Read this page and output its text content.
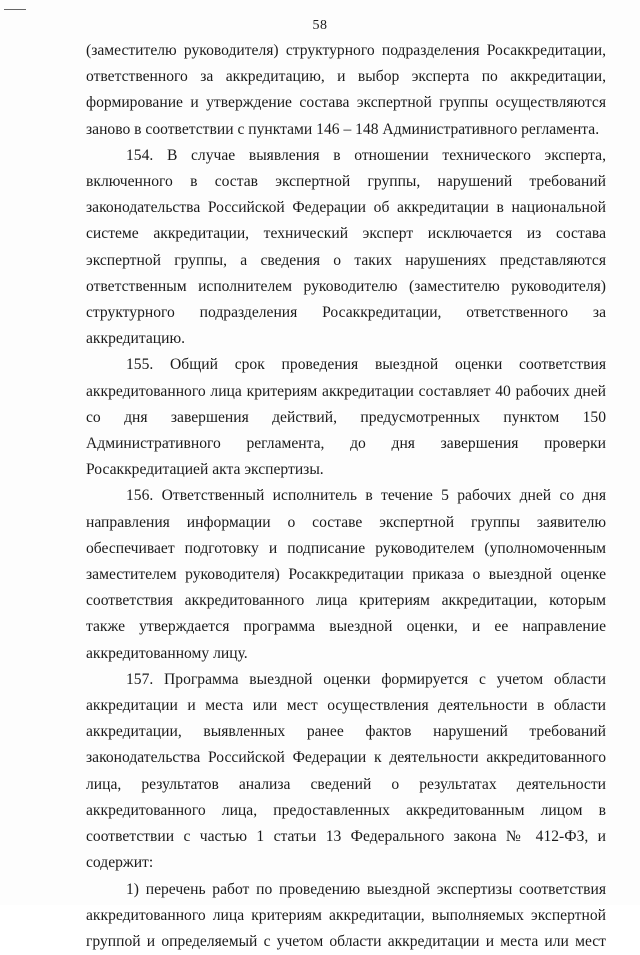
58

(заместителю руководителя) структурного подразделения Росаккредитации, ответственного за аккредитацию, и выбор эксперта по аккредитации, формирование и утверждение состава экспертной группы осуществляются заново в соответствии с пунктами 146 – 148 Административного регламента.

154. В случае выявления в отношении технического эксперта, включенного в состав экспертной группы, нарушений требований законодательства Российской Федерации об аккредитации в национальной системе аккредитации, технический эксперт исключается из состава экспертной группы, а сведения о таких нарушениях представляются ответственным исполнителем руководителю (заместителю руководителя) структурного подразделения Росаккредитации, ответственного за аккредитацию.

155. Общий срок проведения выездной оценки соответствия аккредитованного лица критериям аккредитации составляет 40 рабочих дней со дня завершения действий, предусмотренных пунктом 150 Административного регламента, до дня завершения проверки Росаккредитацией акта экспертизы.

156. Ответственный исполнитель в течение 5 рабочих дней со дня направления информации о составе экспертной группы заявителю обеспечивает подготовку и подписание руководителем (уполномоченным заместителем руководителя) Росаккредитации приказа о выездной оценке соответствия аккредитованного лица критериям аккредитации, которым также утверждается программа выездной оценки, и ее направление аккредитованному лицу.

157. Программа выездной оценки формируется с учетом области аккредитации и места или мест осуществления деятельности в области аккредитации, выявленных ранее фактов нарушений требований законодательства Российской Федерации к деятельности аккредитованного лица, результатов анализа сведений о результатах деятельности аккредитованного лица, предоставленных аккредитованным лицом в соответствии с частью 1 статьи 13 Федерального закона № 412-ФЗ, и содержит:

1) перечень работ по проведению выездной экспертизы соответствия аккредитованного лица критериям аккредитации, выполняемых экспертной группой и определяемый с учетом области аккредитации и места или мест
